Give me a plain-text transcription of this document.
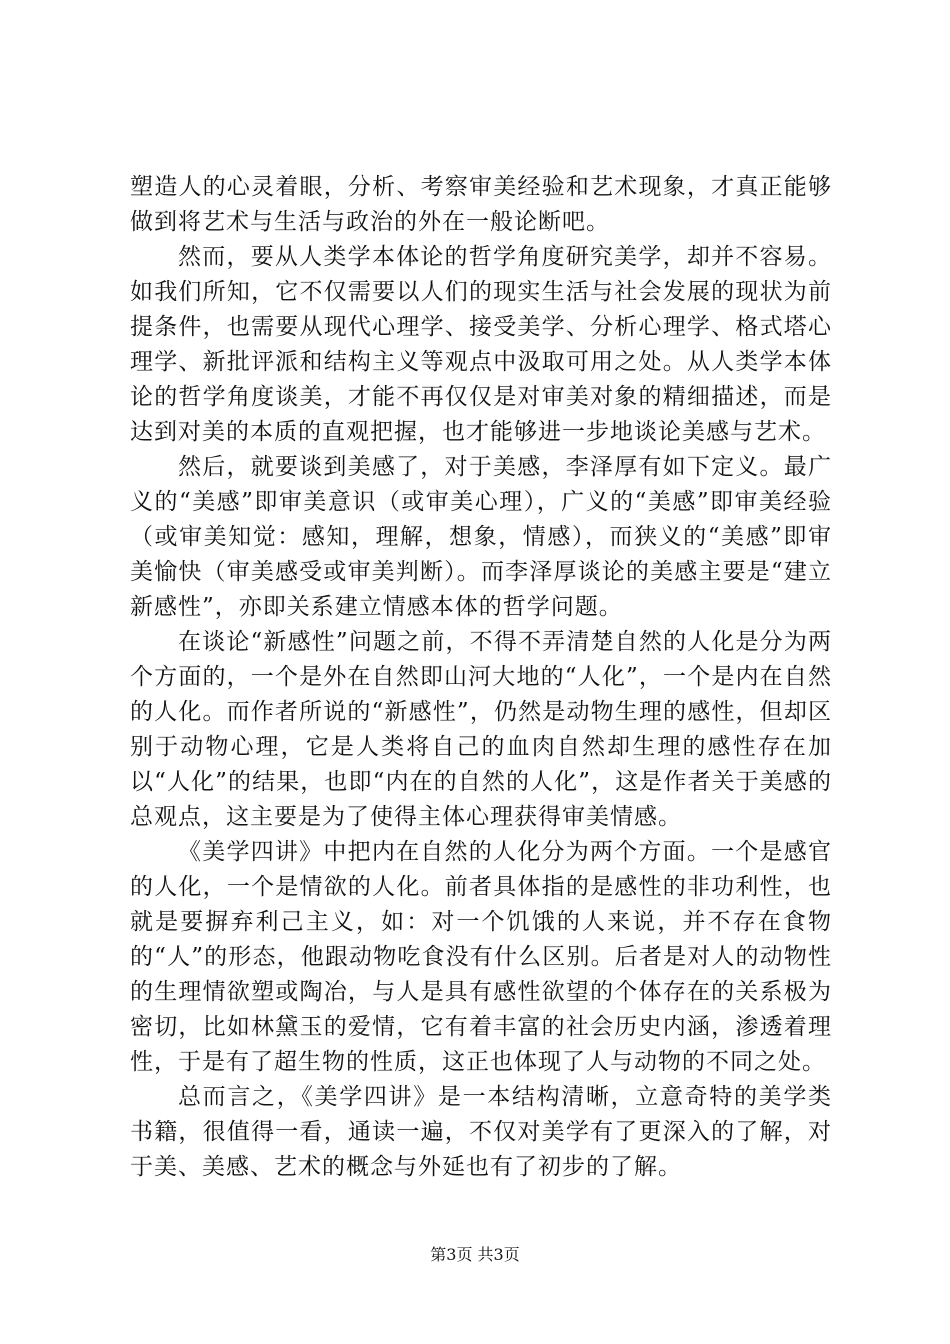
塑造人的心灵着眼，分析、考察审美经验和艺术现象，才真正能够做到将艺术与生活与政治的外在一般论断吧。

然而，要从人类学本体论的哲学角度研究美学，却并不容易。如我们所知，它不仅需要以人们的现实生活与社会发展的现状为前提条件，也需要从现代心理学、接受美学、分析心理学、格式塔心理学、新批评派和结构主义等观点中汲取可用之处。从人类学本体论的哲学角度谈美，才能不再仅仅是对审美对象的精细描述，而是达到对美的本质的直观把握，也才能够进一步地谈论美感与艺术。

然后，就要谈到美感了，对于美感，李泽厚有如下定义。最广义的“美感”即审美意识（或审美心理），广义的“美感”即审美经验（或审美知觉：感知，理解，想象，情感），而狭义的“美感”即审美愉快（审美感受或审美判断）。而李泽厚谈论的美感主要是“建立新感性”，亦即关系建立情感本体的哲学问题。

在谈论“新感性”问题之前，不得不弄清楚自然的人化是分为两个方面的，一个是外在自然即山河大地的“人化”，一个是内在自然的人化。而作者所说的“新感性”，仍然是动物生理的感性，但却区别于动物心理，它是人类将自己的血肉自然却生理的感性存在加以“人化”的结果，也即“内在的自然的人化”，这是作者关于美感的总观点，这主要是为了使得主体心理获得审美情感。

《美学四讲》中把内在自然的人化分为两个方面。一个是感官的人化，一个是情欲的人化。前者具体指的是感性的非功利性，也就是要摒弃利己主义，如：对一个饥饿的人来说，并不存在食物的“人”的形态，他跟动物吃食没有什么区别。后者是对人的动物性的生理情欲塑或陶冶，与人是具有感性欲望的个体存在的关系极为密切，比如林黛玉的爱情，它有着丰富的社会历史内涵，渗透着理性，于是有了超生物的性质，这正也体现了人与动物的不同之处。

总而言之，《美学四讲》是一本结构清晰，立意奇特的美学类书籍，很值得一看，通读一遍，不仅对美学有了更深入的了解，对于美、美感、艺术的概念与外延也有了初步的了解。

第3页 共3页
